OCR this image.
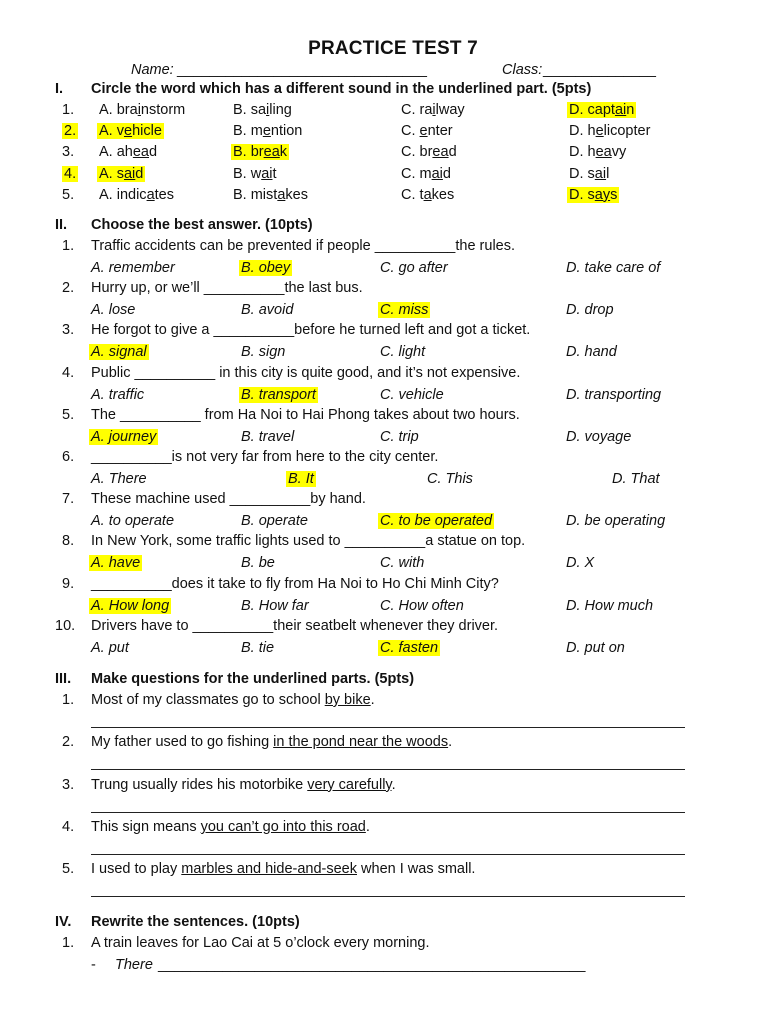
PRACTICE TEST 7
Name: _______________________________	Class: ______________
I. Circle the word which has a different sound in the underlined part. (5pts)
1. A. brainstorm	B. sailing	C. railway	D. captain
2. A. vehicle	B. mention	C. enter	D. helicopter
3. A. ahead	B. break	C. bread	D. heavy
4. A. said	B. wait	C. maid	D. sail
5. A. indicates	B. mistakes	C. takes	D. says
II. Choose the best answer. (10pts)
1. Traffic accidents can be prevented if people __________the rules.
A. remember	B. obey	C. go after	D. take care of
2. Hurry up, or we’ll __________the last bus.
A. lose	B. avoid	C. miss	D. drop
3. He forgot to give a __________before he turned left and got a ticket.
A. signal	B. sign	C. light	D. hand
4. Public __________ in this city is quite good, and it’s not expensive.
A. traffic	B. transport	C. vehicle	D. transporting
5. The __________ from Ha Noi to Hai Phong takes about two hours.
A. journey	B. travel	C. trip	D. voyage
6. __________is not very far from here to the city center.
A. There	B. It	C. This	D. That
7. These machine used __________by hand.
A. to operate	B. operate	C. to be operated	D. be operating
8. In New York, some traffic lights used to __________a statue on top.
A. have	B. be	C. with	D. X
9. __________does it take to fly from Ha Noi to Ho Chi Minh City?
A. How long	B. How far	C. How often	D. How much
10. Drivers have to __________their seatbelt whenever they driver.
A. put	B. tie	C. fasten	D. put on
III. Make questions for the underlined parts. (5pts)
1. Most of my classmates go to school by bike.
2. My father used to go fishing in the pond near the woods.
3. Trung usually rides his motorbike very carefully.
4. This sign means you can’t go into this road.
5. I used to play marbles and hide-and-seek when I was small.
IV. Rewrite the sentences. (10pts)
1. A train leaves for Lao Cai at 5 o’clock every morning.
- There _____________________________________________________
